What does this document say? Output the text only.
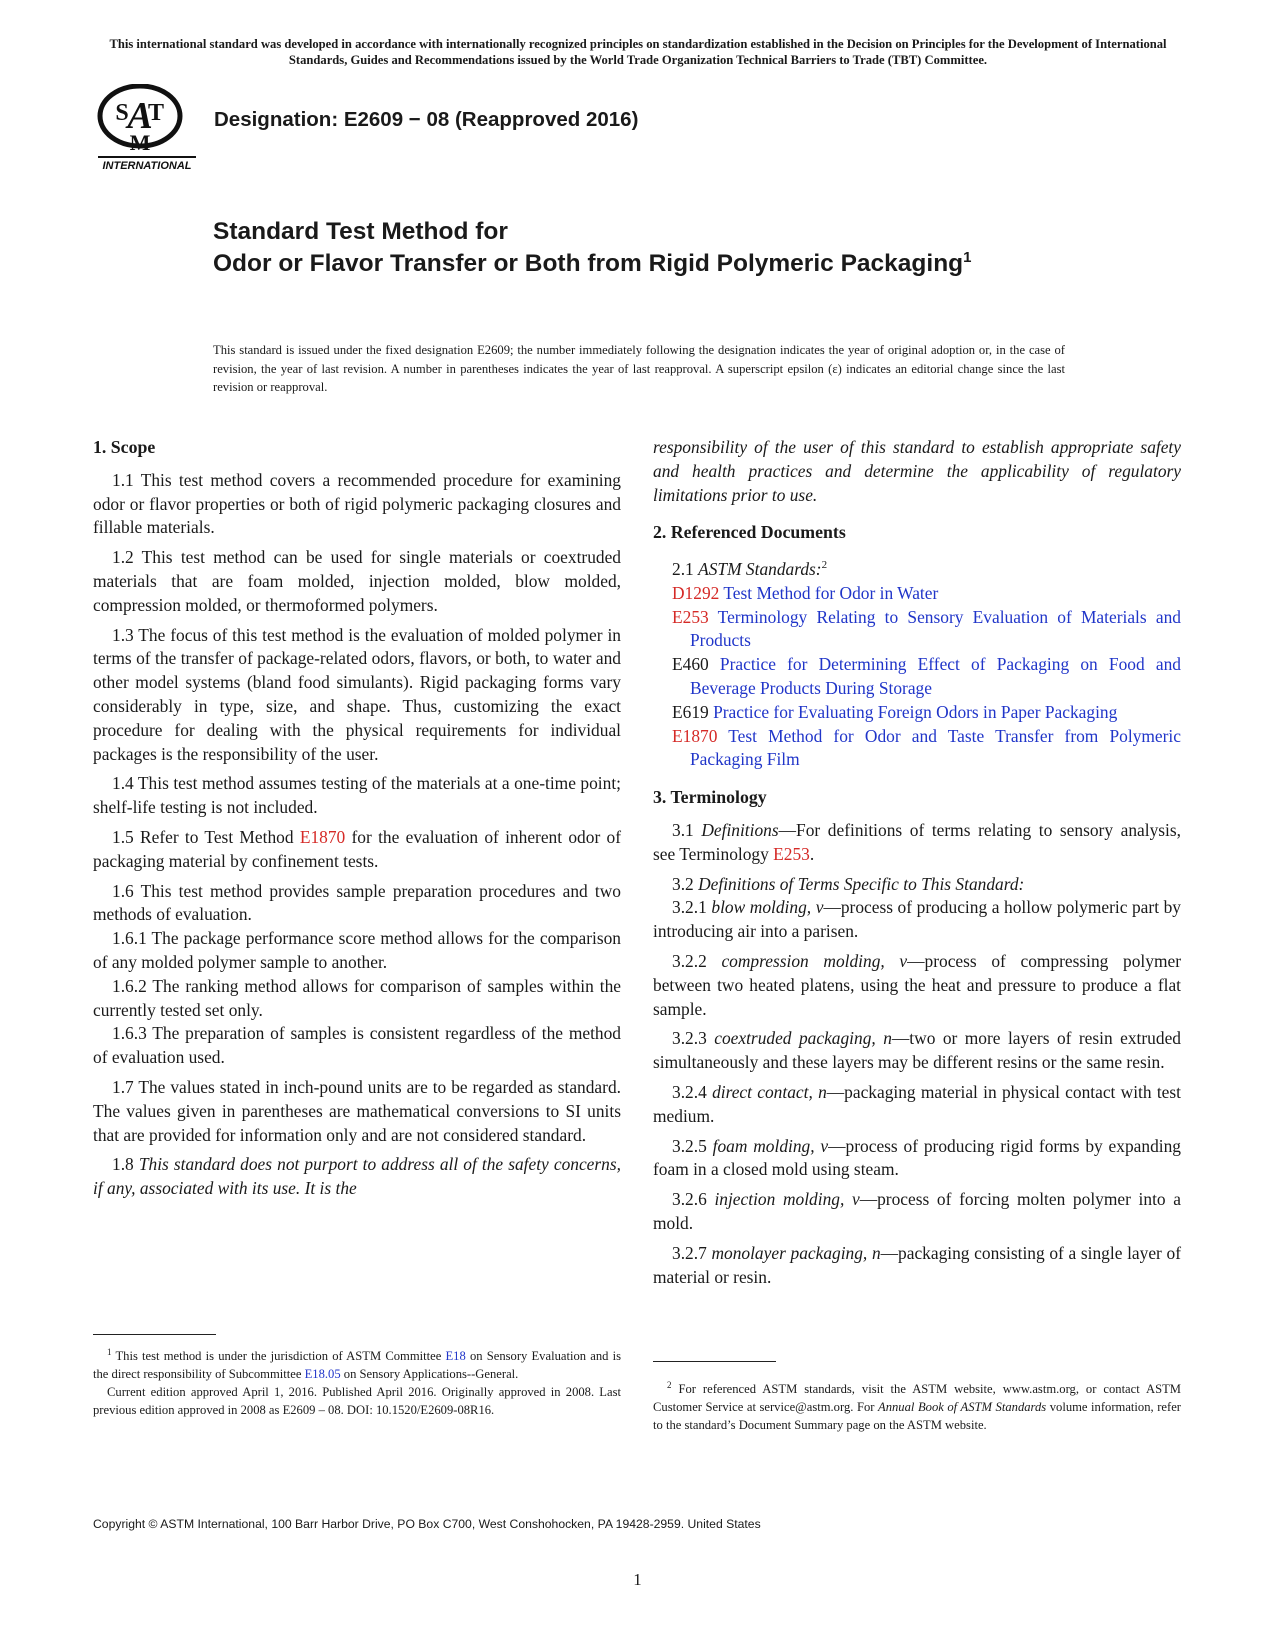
This international standard was developed in accordance with internationally recognized principles on standardization established in the Decision on Principles for the Development of International Standards, Guides and Recommendations issued by the World Trade Organization Technical Barriers to Trade (TBT) Committee.
A
S T
M
INTERNATIONAL
Designation: E2609 − 08 (Reapproved 2016)
Standard Test Method for
Odor or Flavor Transfer or Both from Rigid Polymeric Packaging$^1$
This standard is issued under the fixed designation E2609; the number immediately following the designation indicates the year of original adoption or, in the case of revision, the year of last revision. A number in parentheses indicates the year of last reapproval. A superscript epsilon (ε) indicates an editorial change since the last revision or reapproval.
1. Scope

1.1 This test method covers a recommended procedure for examining odor or flavor properties or both of rigid polymeric packaging closures and fillable materials.

1.2 This test method can be used for single materials or coextruded materials that are foam molded, injection molded, blow molded, compression molded, or thermoformed polymers.

1.3 The focus of this test method is the evaluation of molded polymer in terms of the transfer of package-related odors, flavors, or both, to water and other model systems (bland food simulants). Rigid packaging forms vary considerably in type, size, and shape. Thus, customizing the exact procedure for dealing with the physical requirements for individual packages is the responsibility of the user.

1.4 This test method assumes testing of the materials at a one-time point; shelf-life testing is not included.

1.5 Refer to Test Method E1870 for the evaluation of inherent odor of packaging material by confinement tests.

1.6 This test method provides sample preparation procedures and two methods of evaluation.

1.6.1 The package performance score method allows for the comparison of any molded polymer sample to another.

1.6.2 The ranking method allows for comparison of samples within the currently tested set only.

1.6.3 The preparation of samples is consistent regardless of the method of evaluation used.

1.7 The values stated in inch-pound units are to be regarded as standard. The values given in parentheses are mathematical conversions to SI units that are provided for information only and are not considered standard.

1.8 This standard does not purport to address all of the safety concerns, if any, associated with its use. It is the

responsibility of the user of this standard to establish appropriate safety and health practices and determine the applicability of regulatory limitations prior to use.

2. Referenced Documents

2.1 ASTM Standards:$^2$

D1292 Test Method for Odor in Water

E253 Terminology Relating to Sensory Evaluation of Materials and Products

E460 Practice for Determining Effect of Packaging on Food and Beverage Products During Storage

E619 Practice for Evaluating Foreign Odors in Paper Packaging

E1870 Test Method for Odor and Taste Transfer from Polymeric Packaging Film

3. Terminology

3.1 Definitions—For definitions of terms relating to sensory analysis, see Terminology E253.

3.2 Definitions of Terms Specific to This Standard:

3.2.1 blow molding, v—process of producing a hollow polymeric part by introducing air into a parisen.

3.2.2 compression molding, v—process of compressing polymer between two heated platens, using the heat and pressure to produce a flat sample.

3.2.3 coextruded packaging, n—two or more layers of resin extruded simultaneously and these layers may be different resins or the same resin.

3.2.4 direct contact, n—packaging material in physical contact with test medium.

3.2.5 foam molding, v—process of producing rigid forms by expanding foam in a closed mold using steam.

3.2.6 injection molding, v—process of forcing molten polymer into a mold.

3.2.7 monolayer packaging, n—packaging consisting of a single layer of material or resin.

$^1$ This test method is under the jurisdiction of ASTM Committee E18 on Sensory Evaluation and is the direct responsibility of Subcommittee E18.05 on Sensory Applications--General.

Current edition approved April 1, 2016. Published April 2016. Originally approved in 2008. Last previous edition approved in 2008 as E2609 – 08. DOI: 10.1520/E2609-08R16.

$^2$ For referenced ASTM standards, visit the ASTM website, www.astm.org, or contact ASTM Customer Service at service@astm.org. For Annual Book of ASTM Standards volume information, refer to the standard’s Document Summary page on the ASTM website.

Copyright © ASTM International, 100 Barr Harbor Drive, PO Box C700, West Conshohocken, PA 19428-2959. United States
1
